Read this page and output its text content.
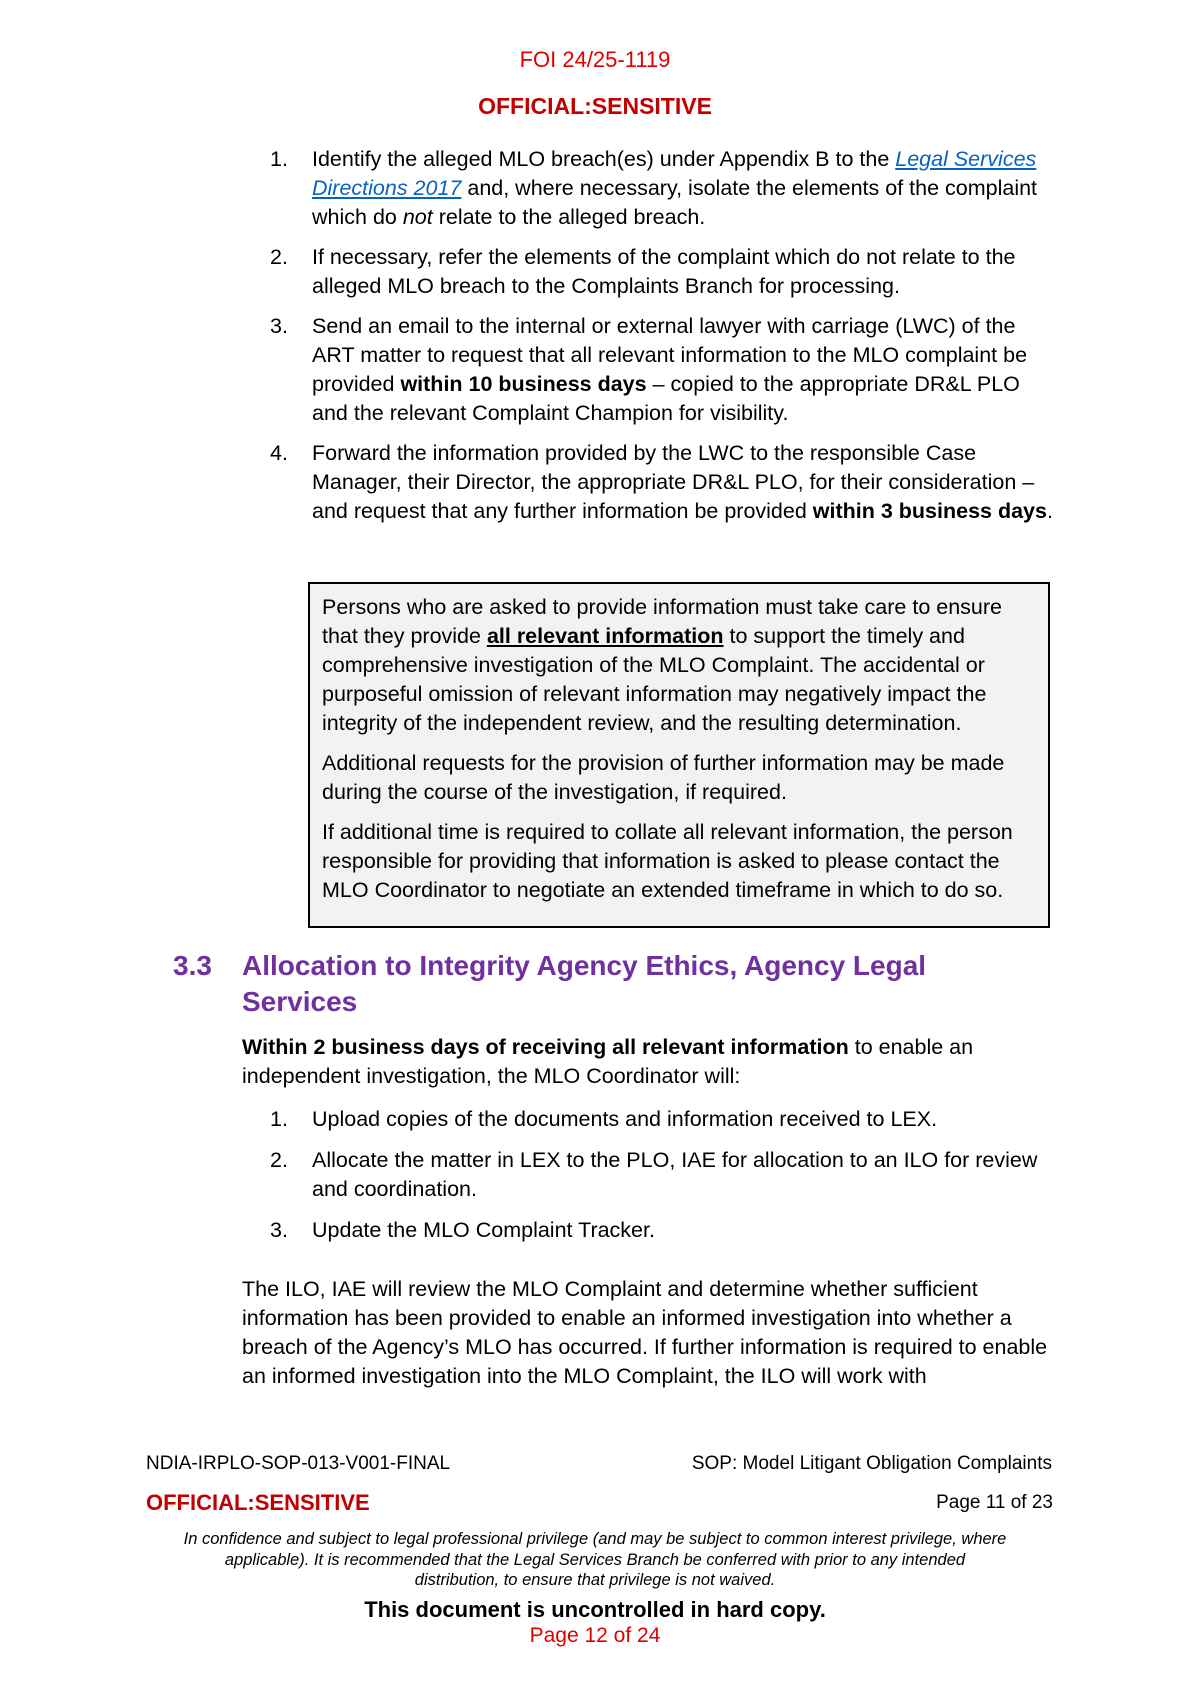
FOI 24/25-1119
OFFICIAL:SENSITIVE
1. Identify the alleged MLO breach(es) under Appendix B to the Legal Services Directions 2017 and, where necessary, isolate the elements of the complaint which do not relate to the alleged breach.
2. If necessary, refer the elements of the complaint which do not relate to the alleged MLO breach to the Complaints Branch for processing.
3. Send an email to the internal or external lawyer with carriage (LWC) of the ART matter to request that all relevant information to the MLO complaint be provided within 10 business days – copied to the appropriate DR&L PLO and the relevant Complaint Champion for visibility.
4. Forward the information provided by the LWC to the responsible Case Manager, their Director, the appropriate DR&L PLO, for their consideration – and request that any further information be provided within 3 business days.

Persons who are asked to provide information must take care to ensure that they provide all relevant information to support the timely and comprehensive investigation of the MLO Complaint. The accidental or purposeful omission of relevant information may negatively impact the integrity of the independent review, and the resulting determination.

Additional requests for the provision of further information may be made during the course of the investigation, if required.

If additional time is required to collate all relevant information, the person responsible for providing that information is asked to please contact the MLO Coordinator to negotiate an extended timeframe in which to do so.

3.3 Allocation to Integrity Agency Ethics, Agency Legal Services
Within 2 business days of receiving all relevant information to enable an independent investigation, the MLO Coordinator will:
1. Upload copies of the documents and information received to LEX.
2. Allocate the matter in LEX to the PLO, IAE for allocation to an ILO for review and coordination.
3. Update the MLO Complaint Tracker.
The ILO, IAE will review the MLO Complaint and determine whether sufficient information has been provided to enable an informed investigation into whether a breach of the Agency’s MLO has occurred. If further information is required to enable an informed investigation into the MLO Complaint, the ILO will work with
NDIA-IRPLO-SOP-013-V001-FINAL	SOP: Model Litigant Obligation Complaints
OFFICIAL:SENSITIVE	Page 11 of 23
In confidence and subject to legal professional privilege (and may be subject to common interest privilege, where
applicable). It is recommended that the Legal Services Branch be conferred with prior to any intended
distribution, to ensure that privilege is not waived.
This document is uncontrolled in hard copy.
Page 12 of 24
